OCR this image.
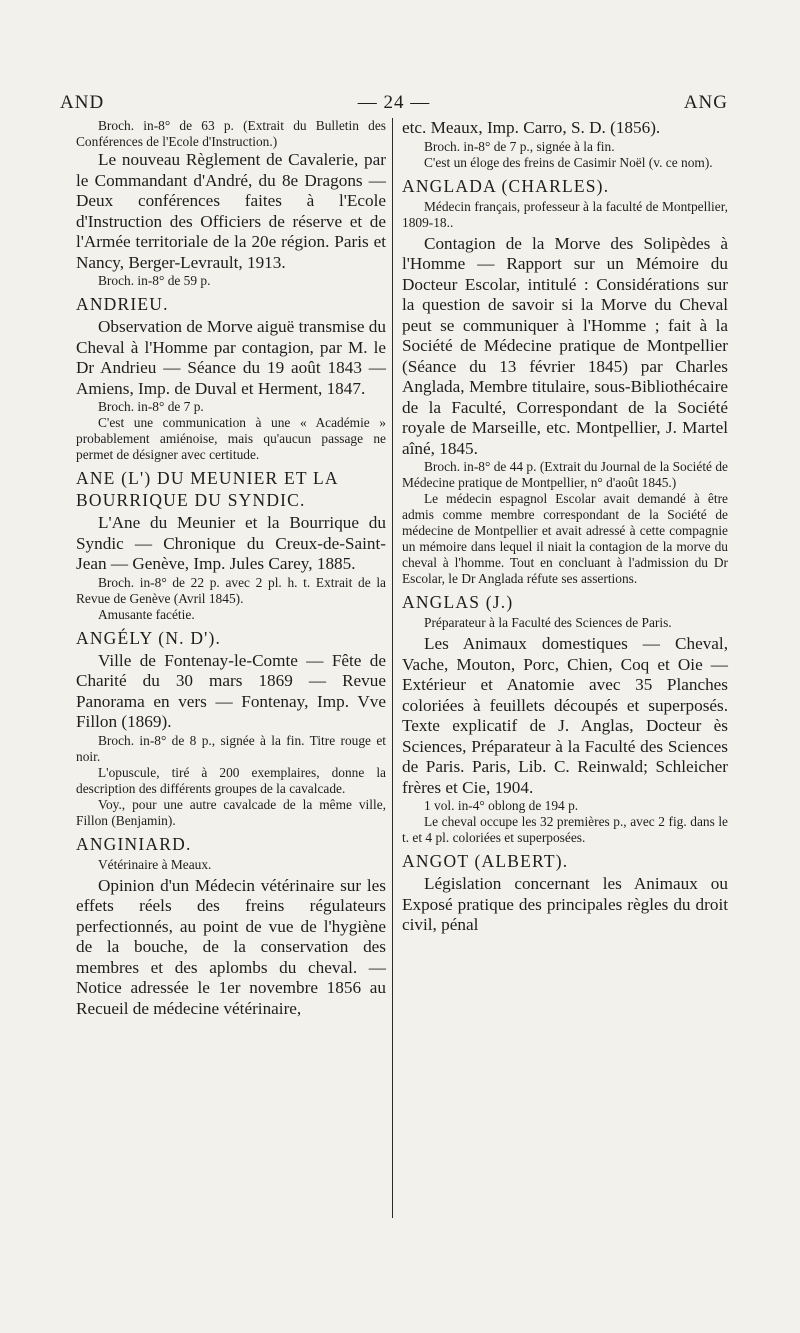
AND	— 24 —	ANG

Broch. in-8° de 63 p. (Extrait du Bulletin des Conférences de l'Ecole d'Instruction.)

Le nouveau Règlement de Cavalerie, par le Commandant d'André, du 8e Dragons — Deux conférences faites à l'Ecole d'Instruction des Officiers de réserve et de l'Armée territoriale de la 20e région. Paris et Nancy, Berger-Levrault, 1913.

Broch. in-8° de 59 p.

ANDRIEU.

Observation de Morve aiguë transmise du Cheval à l'Homme par contagion, par M. le Dr Andrieu — Séance du 19 août 1843 — Amiens, Imp. de Duval et Herment, 1847.

Broch. in-8° de 7 p.

C'est une communication à une « Académie » probablement amiénoise, mais qu'aucun passage ne permet de désigner avec certitude.

ANE (L') DU MEUNIER ET LA BOURRIQUE DU SYNDIC.

L'Ane du Meunier et la Bourrique du Syndic — Chronique du Creux-de-Saint-Jean — Genève, Imp. Jules Carey, 1885.

Broch. in-8° de 22 p. avec 2 pl. h. t. Extrait de la Revue de Genève (Avril 1845).

Amusante facétie.

ANGÉLY (N. D').

Ville de Fontenay-le-Comte — Fête de Charité du 30 mars 1869 — Revue Panorama en vers — Fontenay, Imp. Vve Fillon (1869).

Broch. in-8° de 8 p., signée à la fin. Titre rouge et noir.

L'opuscule, tiré à 200 exemplaires, donne la description des différents groupes de la cavalcade.

Voy., pour une autre cavalcade de la même ville, Fillon (Benjamin).

ANGINIARD.

Vétérinaire à Meaux.

Opinion d'un Médecin vétérinaire sur les effets réels des freins régulateurs perfectionnés, au point de vue de l'hygiène de la bouche, de la conservation des membres et des aplombs du cheval. — Notice adressée le 1er novembre 1856 au Recueil de médecine vétérinaire,

etc. Meaux, Imp. Carro, S. D. (1856).

Broch. in-8° de 7 p., signée à la fin.

C'est un éloge des freins de Casimir Noël (v. ce nom).

ANGLADA (CHARLES).

Médecin français, professeur à la faculté de Montpellier, 1809-18..

Contagion de la Morve des Solipèdes à l'Homme — Rapport sur un Mémoire du Docteur Escolar, intitulé : Considérations sur la question de savoir si la Morve du Cheval peut se communiquer à l'Homme ; fait à la Société de Médecine pratique de Montpellier (Séance du 13 février 1845) par Charles Anglada, Membre titulaire, sous-Bibliothécaire de la Faculté, Correspondant de la Société royale de Marseille, etc. Montpellier, J. Martel aîné, 1845.

Broch. in-8° de 44 p. (Extrait du Journal de la Société de Médecine pratique de Montpellier, n° d'août 1845.)

Le médecin espagnol Escolar avait demandé à être admis comme membre correspondant de la Société de médecine de Montpellier et avait adressé à cette compagnie un mémoire dans lequel il niait la contagion de la morve du cheval à l'homme. Tout en concluant à l'admission du Dr Escolar, le Dr Anglada réfute ses assertions.

ANGLAS (J.)

Préparateur à la Faculté des Sciences de Paris.

Les Animaux domestiques — Cheval, Vache, Mouton, Porc, Chien, Coq et Oie — Extérieur et Anatomie avec 35 Planches coloriées à feuillets découpés et superposés. Texte explicatif de J. Anglas, Docteur ès Sciences, Préparateur à la Faculté des Sciences de Paris. Paris, Lib. C. Reinwald; Schleicher frères et Cie, 1904.

1 vol. in-4° oblong de 194 p.

Le cheval occupe les 32 premières p., avec 2 fig. dans le t. et 4 pl. coloriées et superposées.

ANGOT (ALBERT).

Législation concernant les Animaux ou Exposé pratique des principales règles du droit civil, pénal
